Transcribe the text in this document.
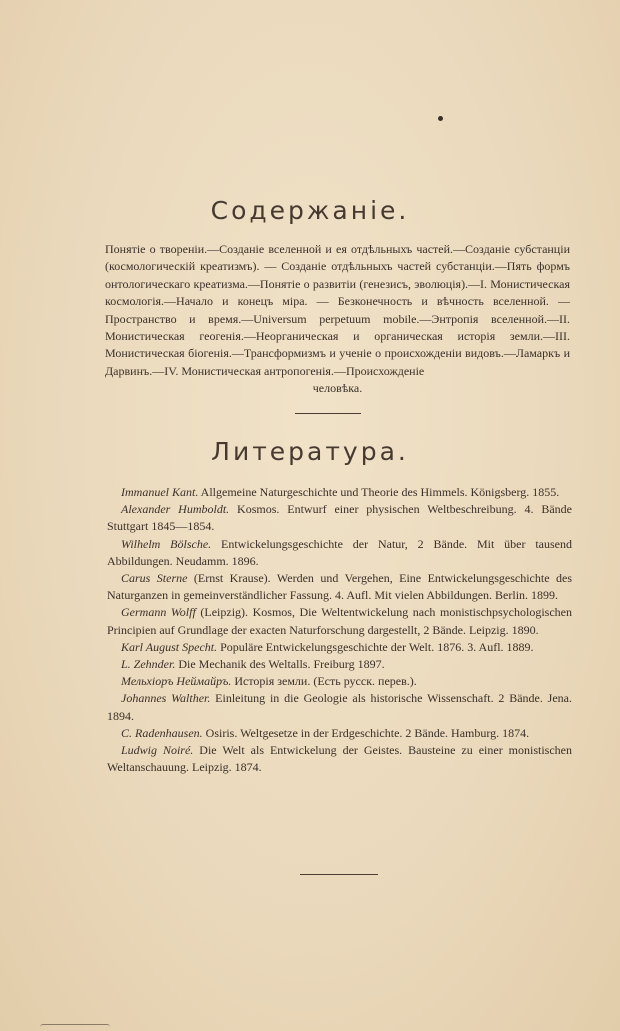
Содержаніе.

Понятіе о твореніи.—Созданіе вселенной и ея отдѣльныхъ частей.—Созданіе субстанціи (космологическій креатизмъ). — Созданіе отдѣльныхъ частей субстанціи.—Пять формъ онтологическаго креатизма.—Понятіе о развитіи (генезисъ, эволюція).—I. Монистическая космологія.—Начало и конецъ міра. — Безконечность и вѣчность вселенной. — Пространство и время.—Universum perpetuum mobile.—Энтропія вселенной.—II. Монистическая геогенія.—Неорганическая и органическая исторія земли.—III. Монистическая біогенія.—Трансформизмъ и ученіе о происхожденіи видовъ.—Ламаркъ и Дарвинъ.—IV. Монистическая антропогенія.—Происхожденіе
человѣка.

Литература.
Immanuel Kant. Allgemeine Naturgeschichte und Theorie des Himmels. Königsberg. 1855.
Alexander Humboldt. Kosmos. Entwurf einer physischen Weltbeschreibung. 4. Bände Stuttgart 1845—1854.
Wilhelm Bölsche. Entwickelungsgeschichte der Natur, 2 Bände. Mit über tausend Abbildungen. Neudamm. 1896.
Carus Sterne (Ernst Krause). Werden und Vergehen, Eine Entwickelungsgeschichte des Naturganzen in gemeinverständlicher Fassung. 4. Aufl. Mit vielen Abbildungen. Berlin. 1899.
Germann Wolff (Leipzig). Kosmos, Die Weltentwickelung nach monistischpsychologischen Principien auf Grundlage der exacten Naturforschung dargestellt, 2 Bände. Leipzig. 1890.
Karl August Specht. Populäre Entwickelungsgeschichte der Welt. 1876. 3. Aufl. 1889.
L. Zehnder. Die Mechanik des Weltalls. Freiburg 1897.
Мельхіоръ Неймайръ. Исторія земли. (Есть русск. перев.).
Johannes Walther. Einleitung in die Geologie als historische Wissenschaft. 2 Bände. Jena. 1894.
C. Radenhausen. Osiris. Weltgesetze in der Erdgeschichte. 2 Bände. Hamburg. 1874.
Ludwig Noiré. Die Welt als Entwickelung der Geistes. Bausteine zu einer monistischen Weltanschauung. Leipzig. 1874.
